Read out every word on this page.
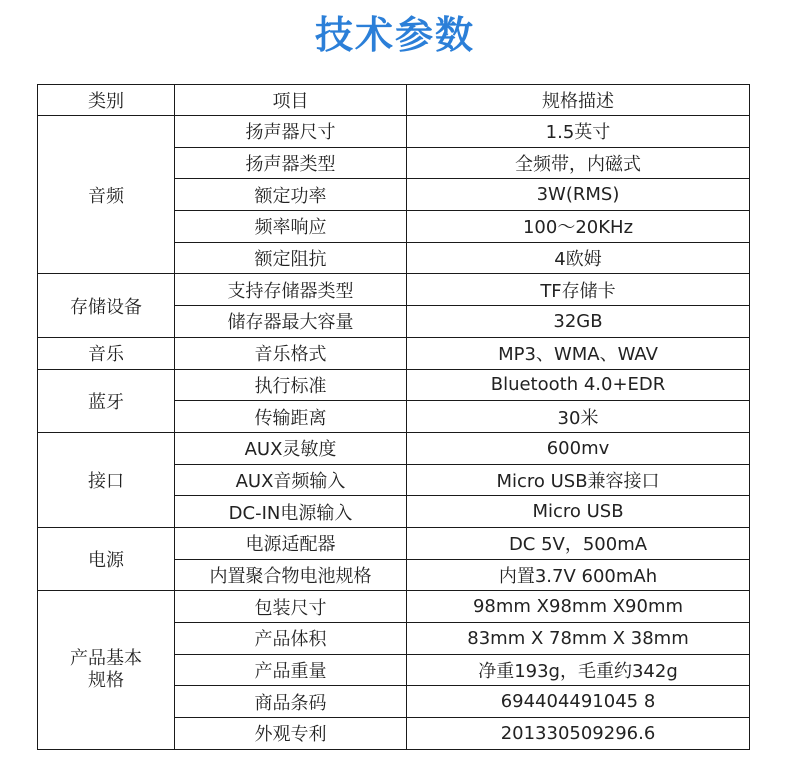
技术参数
类别	项目	规格描述
音频	扬声器尺寸	1.5英寸
	扬声器类型	全频带，内磁式
	额定功率	3W(RMS)
	频率响应	100～20KHz
	额定阻抗	4欧姆
存储设备	支持存储器类型	TF存储卡
	储存器最大容量	32GB
音乐	音乐格式	MP3、WMA、WAV
蓝牙	执行标准	Bluetooth 4.0+EDR
	传输距离	30米
接口	AUX灵敏度	600mv
	AUX音频输入	Micro USB兼容接口
	DC-IN电源输入	Micro USB
电源	电源适配器	DC 5V，500mA
	内置聚合物电池规格	内置3.7V 600mAh

产品基本
规格	包装尺寸	98mm X98mm X90mm
	产品体积	83mm X 78mm X 38mm
	产品重量	净重193g，毛重约342g
	商品条码	694404491045 8
	外观专利	201330509296.6
